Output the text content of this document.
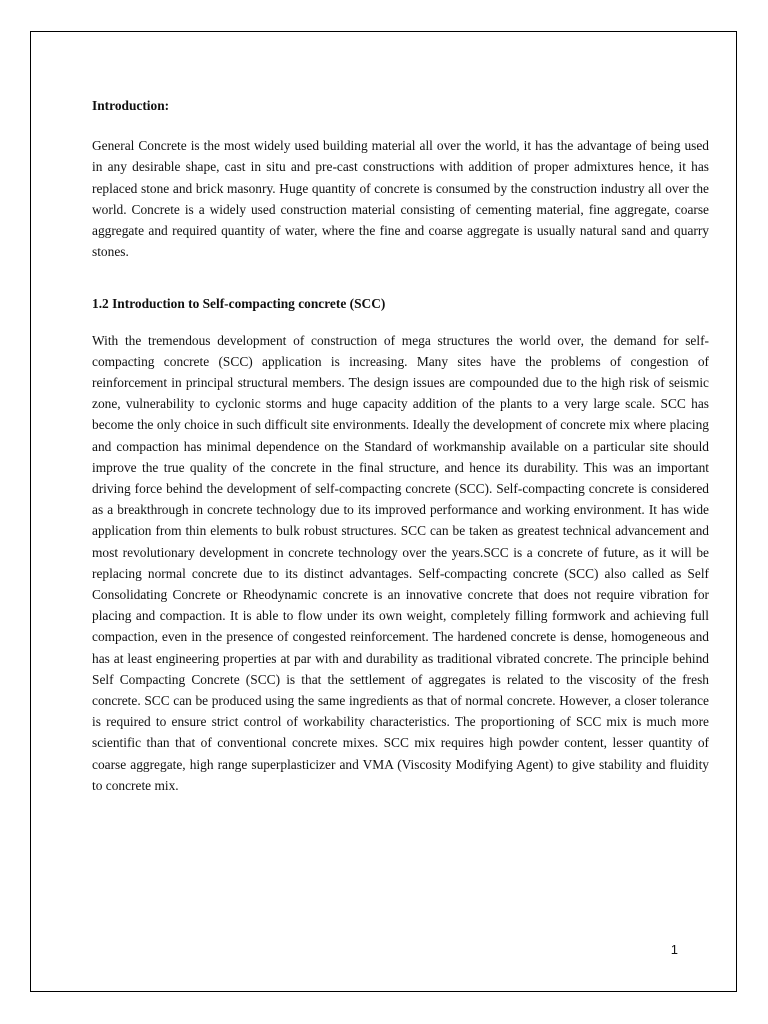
Introduction:

General Concrete is the most widely used building material all over the world, it has the advantage of being used in any desirable shape, cast in situ and pre-cast constructions with addition of proper admixtures hence, it has replaced stone and brick masonry. Huge quantity of concrete is consumed by the construction industry all over the world. Concrete is a widely used construction material consisting of cementing material, fine aggregate, coarse aggregate and required quantity of water, where the fine and coarse aggregate is usually natural sand and quarry stones.

1.2 Introduction to Self-compacting concrete (SCC)

With the tremendous development of construction of mega structures the world over, the demand for self-compacting concrete (SCC) application is increasing. Many sites have the problems of congestion of reinforcement in principal structural members. The design issues are compounded due to the high risk of seismic zone, vulnerability to cyclonic storms and huge capacity addition of the plants to a very large scale. SCC has become the only choice in such difficult site environments. Ideally the development of concrete mix where placing and compaction has minimal dependence on the Standard of workmanship available on a particular site should improve the true quality of the concrete in the final structure, and hence its durability. This was an important driving force behind the development of self-compacting concrete (SCC). Self-compacting concrete is considered as a breakthrough in concrete technology due to its improved performance and working environment. It has wide application from thin elements to bulk robust structures. SCC can be taken as greatest technical advancement and most revolutionary development in concrete technology over the years.SCC is a concrete of future, as it will be replacing normal concrete due to its distinct advantages. Self-compacting concrete (SCC) also called as Self Consolidating Concrete or Rheodynamic concrete is an innovative concrete that does not require vibration for placing and compaction. It is able to flow under its own weight, completely filling formwork and achieving full compaction, even in the presence of congested reinforcement. The hardened concrete is dense, homogeneous and has at least engineering properties at par with and durability as traditional vibrated concrete. The principle behind Self Compacting Concrete (SCC) is that the settlement of aggregates is related to the viscosity of the fresh concrete. SCC can be produced using the same ingredients as that of normal concrete. However, a closer tolerance is required to ensure strict control of workability characteristics. The proportioning of SCC mix is much more scientific than that of conventional concrete mixes. SCC mix requires high powder content, lesser quantity of coarse aggregate, high range superplasticizer and VMA (Viscosity Modifying Agent) to give stability and fluidity to concrete mix.

1
